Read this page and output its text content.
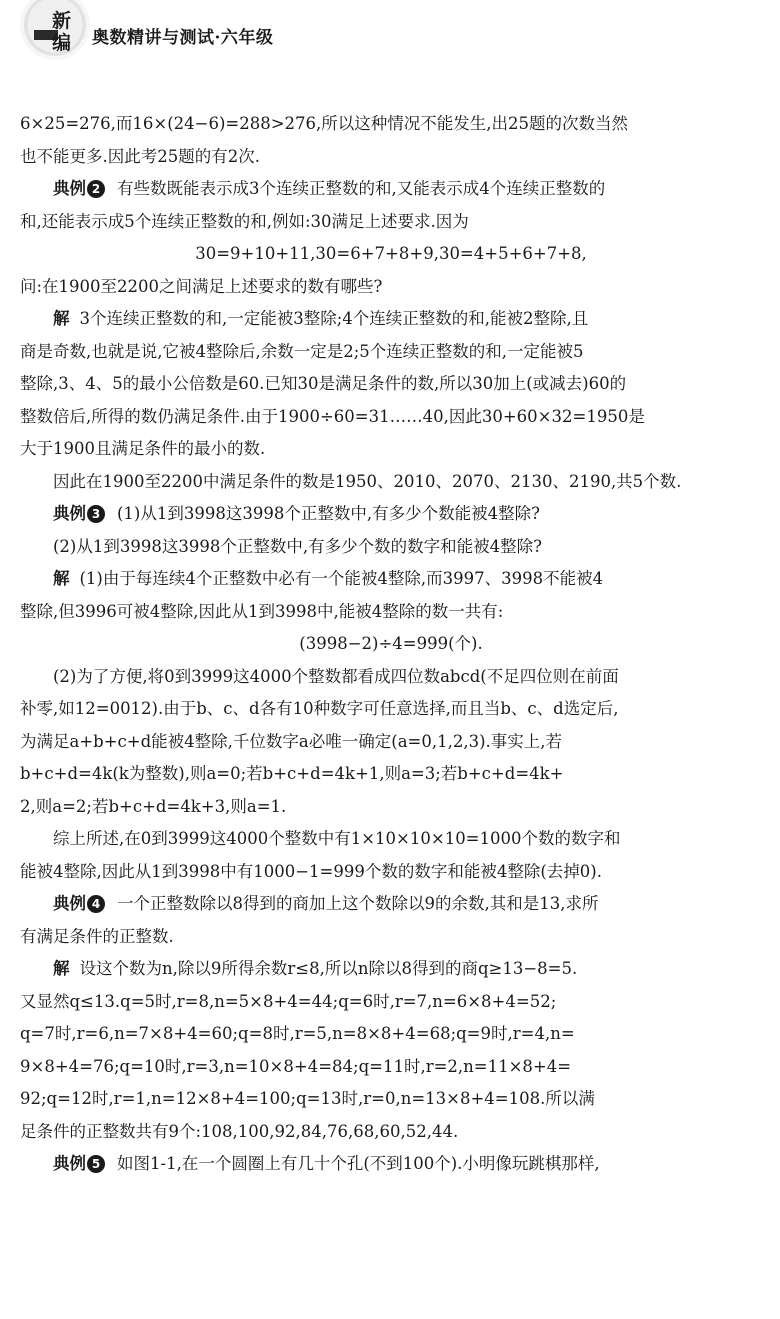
新编 奥数精讲与测试·六年级

6×25=276,而16×(24−6)=288>276,所以这种情况不能发生,出25题的次数当然

也不能更多.因此考25题的有2次.

典例 2 有些数既能表示成3个连续正整数的和,又能表示成4个连续正整数的

和,还能表示成5个连续正整数的和,例如:30满足上述要求.因为

30=9+10+11,30=6+7+8+9,30=4+5+6+7+8,

问:在1900至2200之间满足上述要求的数有哪些?

解 3个连续正整数的和,一定能被3整除;4个连续正整数的和,能被2整除,且

商是奇数,也就是说,它被4整除后,余数一定是2;5个连续正整数的和,一定能被5

整除,3、4、5的最小公倍数是60.已知30是满足条件的数,所以30加上(或减去)60的

整数倍后,所得的数仍满足条件.由于1900÷60=31……40,因此30+60×32=1950是

大于1900且满足条件的最小的数.

因此在1900至2200中满足条件的数是1950、2010、2070、2130、2190,共5个数.

典例 3 (1)从1到3998这3998个正整数中,有多少个数能被4整除?

(2)从1到3998这3998个正整数中,有多少个数的数字和能被4整除?

解 (1)由于每连续4个正整数中必有一个能被4整除,而3997、3998不能被4

整除,但3996可被4整除,因此从1到3998中,能被4整除的数一共有:

(3998−2)÷4=999(个).

(2)为了方便,将0到3999这4000个整数都看成四位数abcd(不足四位则在前面

补零,如12=0012).由于b、c、d各有10种数字可任意选择,而且当b、c、d选定后,

为满足a+b+c+d能被4整除,千位数字a必唯一确定(a=0,1,2,3).事实上,若

b+c+d=4k(k为整数),则a=0;若b+c+d=4k+1,则a=3;若b+c+d=4k+

2,则a=2;若b+c+d=4k+3,则a=1.

综上所述,在0到3999这4000个整数中有1×10×10×10=1000个数的数字和

能被4整除,因此从1到3998中有1000−1=999个数的数字和能被4整除(去掉0).

典例 4 一个正整数除以8得到的商加上这个数除以9的余数,其和是13,求所

有满足条件的正整数.

解 设这个数为n,除以9所得余数r≤8,所以n除以8得到的商q≥13−8=5.

又显然q≤13.q=5时,r=8,n=5×8+4=44;q=6时,r=7,n=6×8+4=52;

q=7时,r=6,n=7×8+4=60;q=8时,r=5,n=8×8+4=68;q=9时,r=4,n=

9×8+4=76;q=10时,r=3,n=10×8+4=84;q=11时,r=2,n=11×8+4=

92;q=12时,r=1,n=12×8+4=100;q=13时,r=0,n=13×8+4=108.所以满

足条件的正整数共有9个:108,100,92,84,76,68,60,52,44.

典例 5 如图1-1,在一个圆圈上有几十个孔(不到100个).小明像玩跳棋那样,
